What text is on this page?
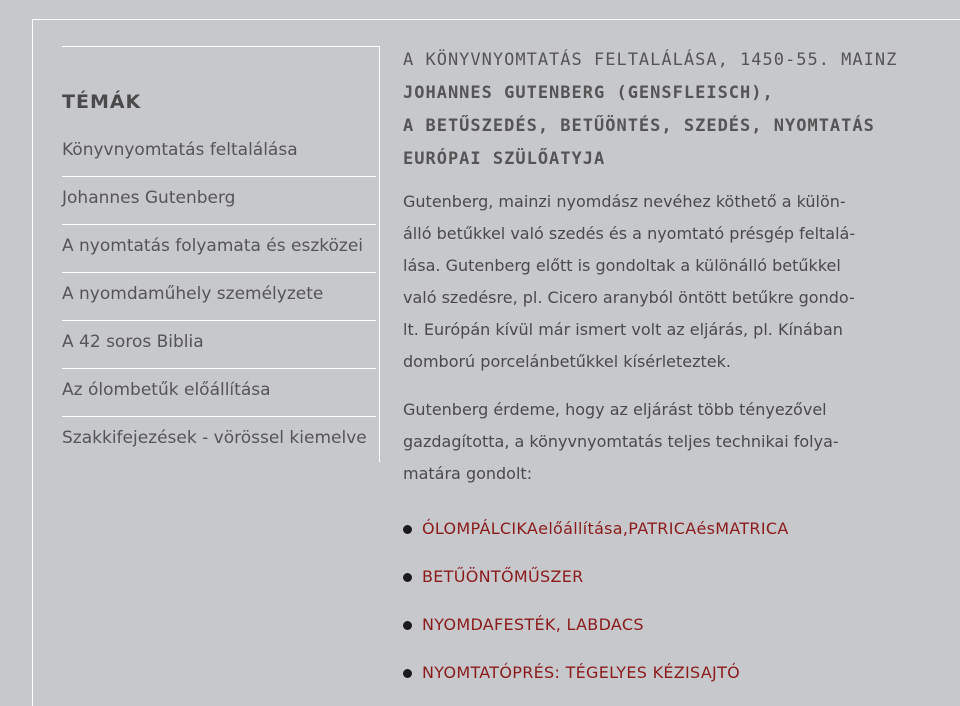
TÉMÁK
Könyvnyomtatás feltalálása
Johannes Gutenberg
A nyomtatás folyamata és eszközei
A nyomdaműhely személyzete
A 42 soros Biblia
Az ólombetűk előállítása
Szakkifejezések - vörössel kiemelve
A KÖNYVNYOMTATÁS FELTALÁLÁSA, 1450-55. MAINZ
JOHANNES GUTENBERG (GENSFLEISCH),
A BETŰSZEDÉS, BETŰÖNTÉS, SZEDÉS, NYOMTATÁS
EURÓPAI SZÜLŐATYJA
Gutenberg, mainzi nyomdász nevéhez köthető a külön-
álló betűkkel való szedés és a nyomtató présgép feltalá-
lása. Gutenberg előtt is gondoltak a különálló betűkkel
való szedésre, pl. Cicero aranyból öntött betűkre gondo-
lt. Európán kívül már ismert volt az eljárás, pl. Kínában
domború porcelánbetűkkel kísérleteztek.
Gutenberg érdeme, hogy az eljárást több tényezővel
gazdagította, a könyvnyomtatás teljes technikai folya-
matára gondolt:
ÓLOMPÁLCIKA előállítása, PATRICA és MATRICA
BETŰÖNTŐMŰSZER
NYOMDAFESTÉK, LABDACS
NYOMTATÓPRÉS: TÉGELYES KÉZISAJTÓ
